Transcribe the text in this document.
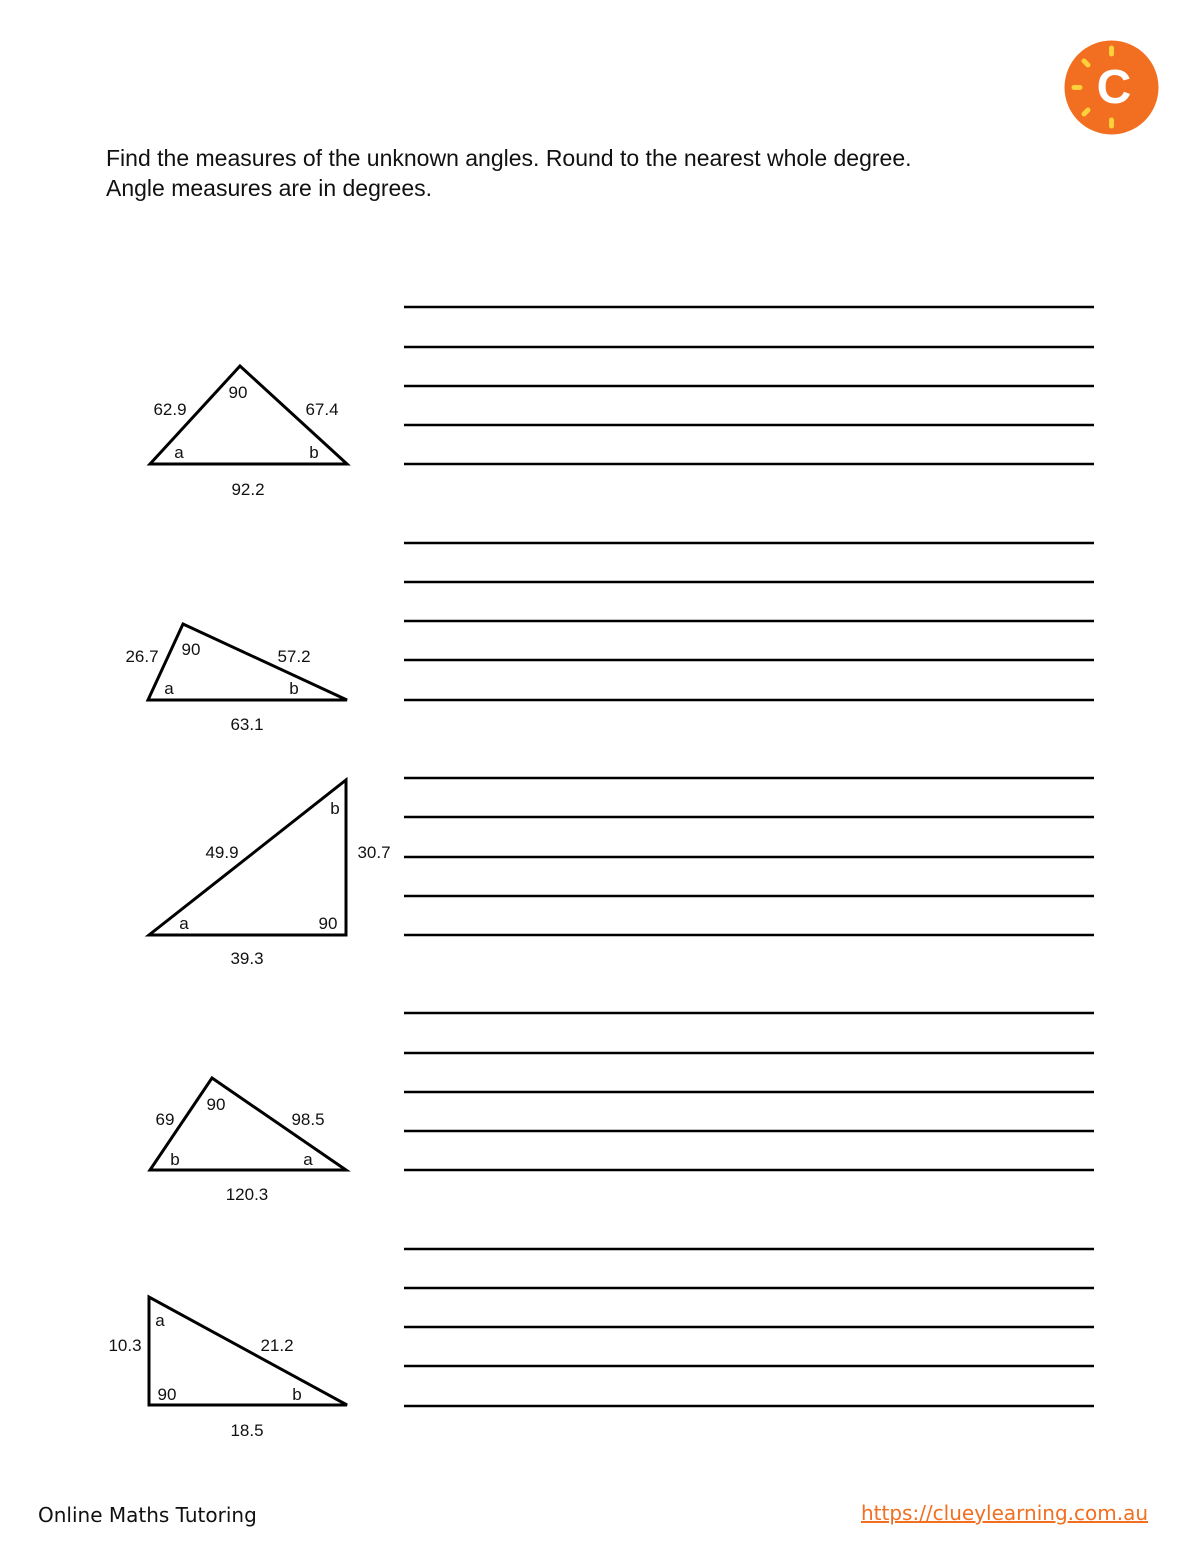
C
Find the measures of the unknown angles. Round to the nearest whole degree.
Angle measures are in degrees.
90
62.9	67.4
a	b
92.2
90
26.7	57.2
a	b
63.1
b
49.9	30.7
a	90
39.3
90
69	98.5
b	a
120.3
a
10.3	21.2
90	b
18.5
Online Maths Tutoring	https://clueylearning.com.au
